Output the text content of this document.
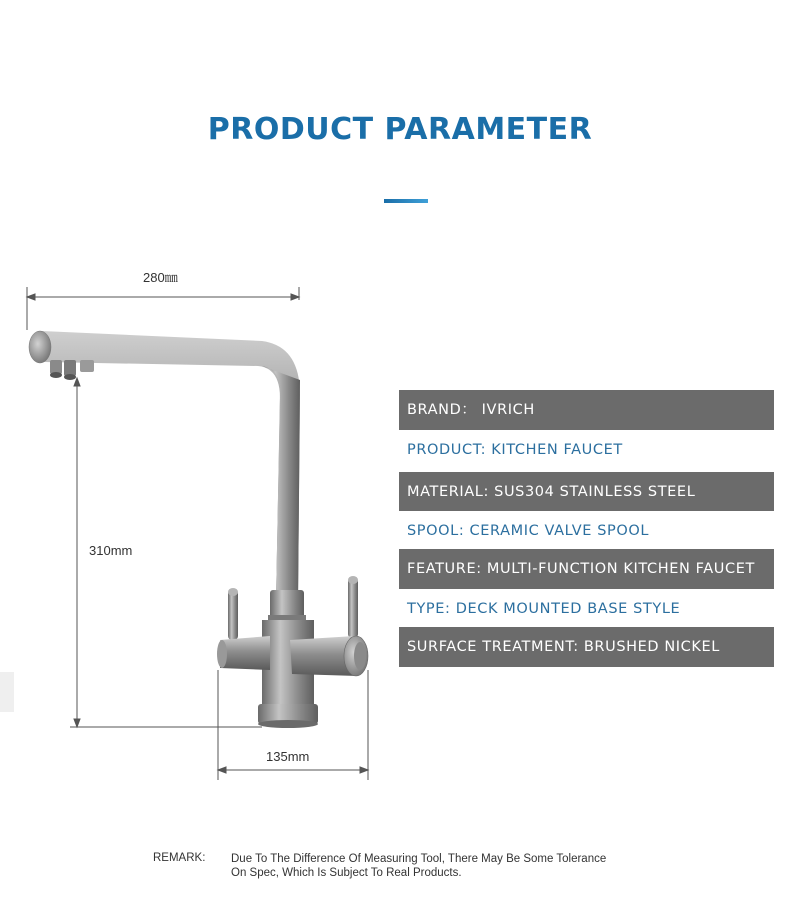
PRODUCT PARAMETER
280㎜
310mm
135mm
BRAND： IVRICH
PRODUCT: KITCHEN FAUCET
MATERIAL: SUS304 STAINLESS STEEL
SPOOL: CERAMIC VALVE SPOOL
FEATURE: MULTI-FUNCTION KITCHEN FAUCET
TYPE: DECK MOUNTED BASE STYLE
SURFACE TREATMENT: BRUSHED NICKEL
REMARK: Due To The Difference Of Measuring Tool, There May Be Some Tolerance
On Spec, Which Is Subject To Real Products.
